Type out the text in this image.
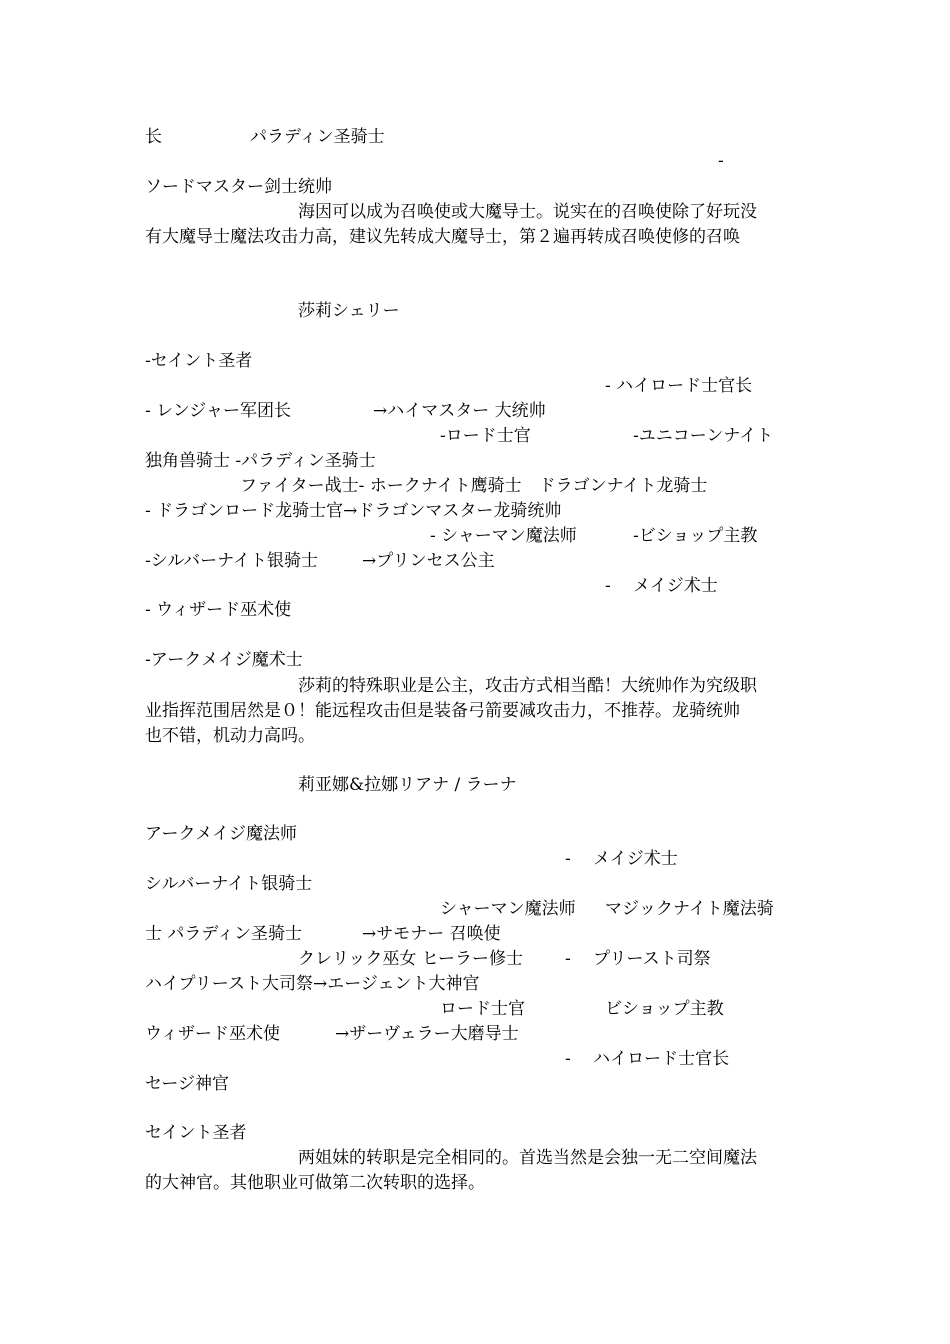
长	パラディン圣骑士
-
ソードマスター剑士统帅
海因可以成为召唤使或大魔导士。说实在的召唤使除了好玩没
有大魔导士魔法攻击力高，建议先转成大魔导士，第２遍再转成召唤使修的召唤
莎莉シェリー
-セイント圣者
- ハイロード士官长
- レンジャー军团长	→ハイマスター 大统帅
-ロード士官	-ユニコーンナイト
独角兽骑士 -パラディン圣骑士
ファイター战士- ホークナイト鹰骑士　ドラゴンナイト龙骑士
- ドラゴンロード龙骑士官→ドラゴンマスター龙骑统帅
- シャーマン魔法师	-ビショップ主教
-シルバーナイト银骑士	→プリンセス公主
-　 メイジ术士
- ウィザード巫术使
-アークメイジ魔术士
莎莉的特殊职业是公主，攻击方式相当酷！大统帅作为究级职
业指挥范围居然是０！能远程攻击但是装备弓箭要减攻击力，不推荐。龙骑统帅
也不错，机动力高吗。
莉亚娜&拉娜リアナ / ラーナ
アークメイジ魔法师
-　 メイジ术士
シルバーナイト银骑士
シャーマン魔法师 マジックナイト魔法骑
士 パラディン圣骑士	→サモナー 召唤使
クレリック巫女 ヒーラー修士 -　 プリースト司祭
ハイプリースト大司祭→エージェント大神官
ロード士官	ビショップ主教
ウィザード巫术使	→ザーヴェラー大磨导士
-　 ハイロード士官长
セージ神官
セイント圣者
两姐妹的转职是完全相同的。首选当然是会独一无二空间魔法
的大神官。其他职业可做第二次转职的选择。
